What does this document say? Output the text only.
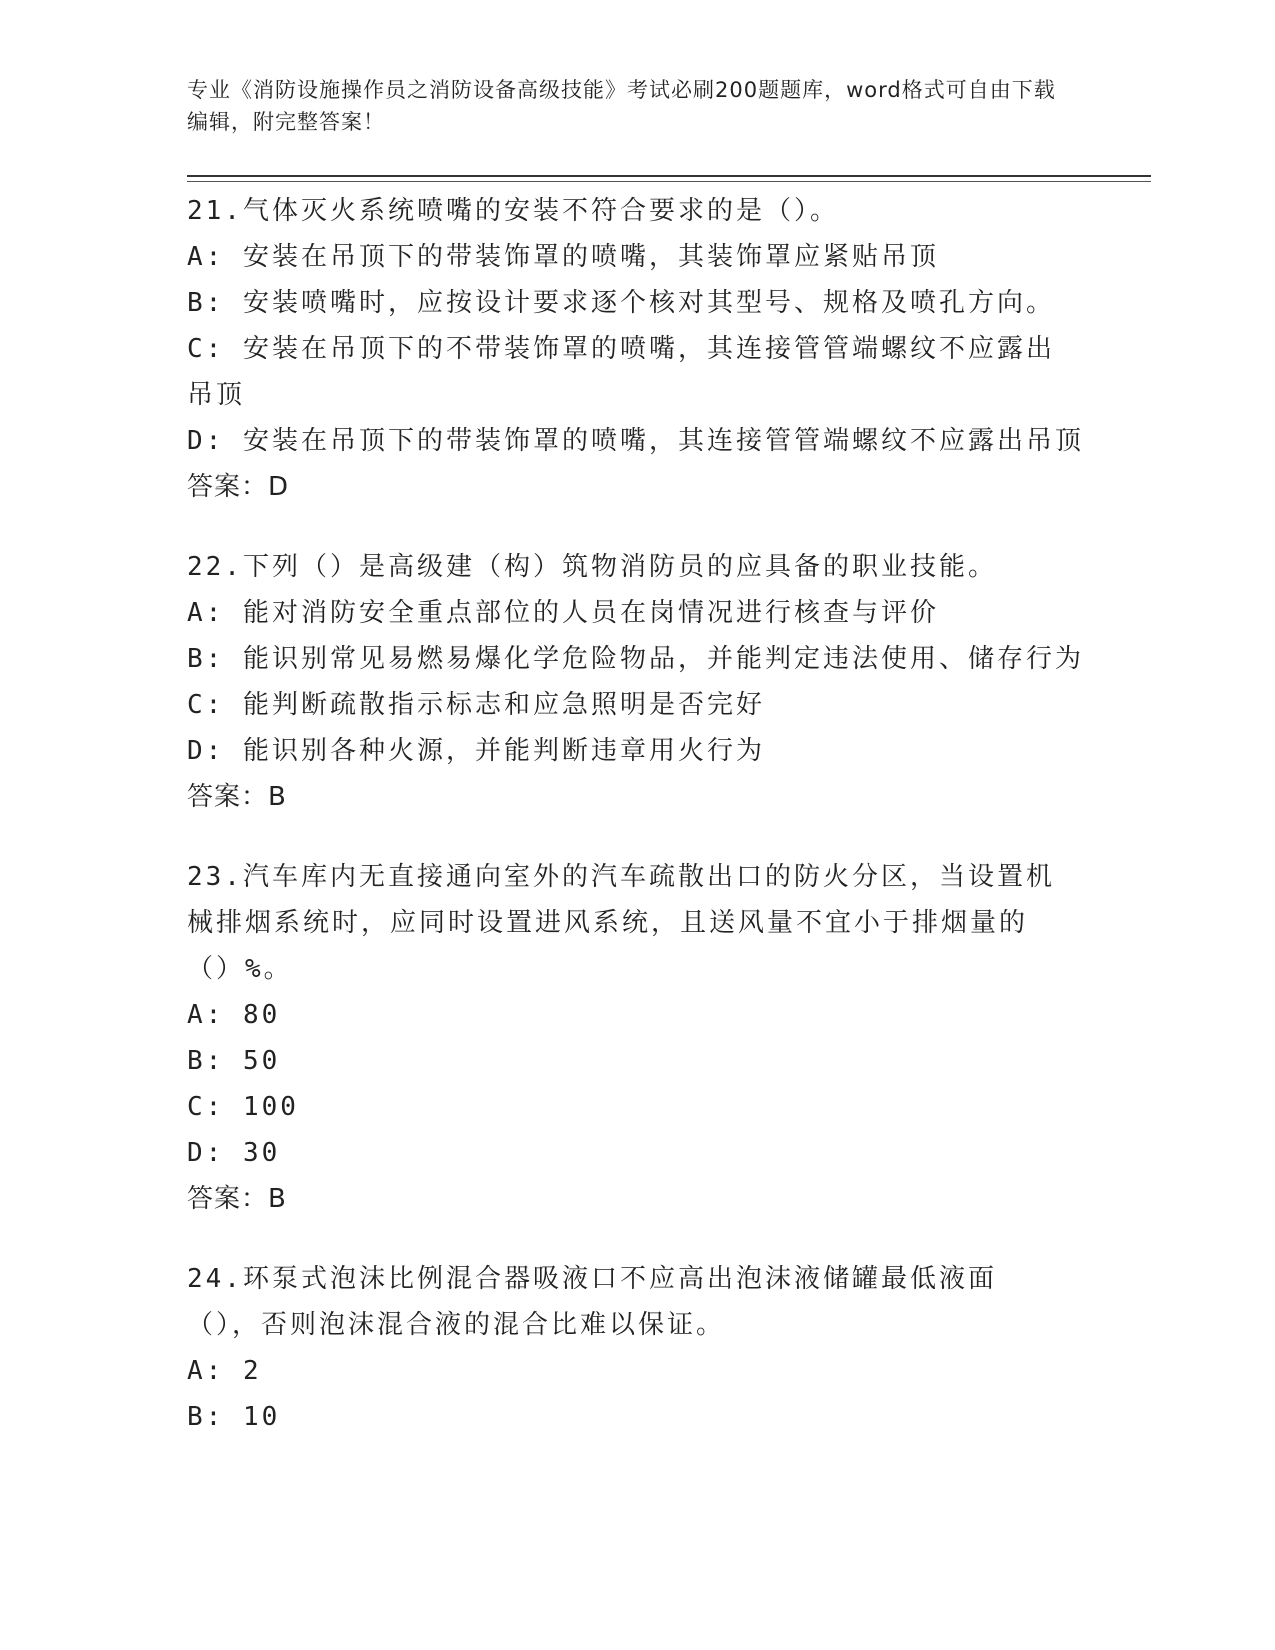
专业《消防设施操作员之消防设备高级技能》考试必刷200题题库，word格式可自由下载编辑，附完整答案！
21.气体灭火系统喷嘴的安装不符合要求的是（）。
A: 安装在吊顶下的带装饰罩的喷嘴，其装饰罩应紧贴吊顶
B: 安装喷嘴时，应按设计要求逐个核对其型号、规格及喷孔方向。
C: 安装在吊顶下的不带装饰罩的喷嘴，其连接管管端螺纹不应露出吊顶
D: 安装在吊顶下的带装饰罩的喷嘴，其连接管管端螺纹不应露出吊顶
答案：D
22.下列（）是高级建（构）筑物消防员的应具备的职业技能。
A: 能对消防安全重点部位的人员在岗情况进行核查与评价
B: 能识别常见易燃易爆化学危险物品，并能判定违法使用、储存行为
C: 能判断疏散指示标志和应急照明是否完好
D: 能识别各种火源，并能判断违章用火行为
答案：B
23.汽车库内无直接通向室外的汽车疏散出口的防火分区，当设置机械排烟系统时，应同时设置进风系统，且送风量不宜小于排烟量的（）%。
A: 80
B: 50
C: 100
D: 30
答案：B
24.环泵式泡沫比例混合器吸液口不应高出泡沫液储罐最低液面（），否则泡沫混合液的混合比难以保证。
A: 2
B: 10
